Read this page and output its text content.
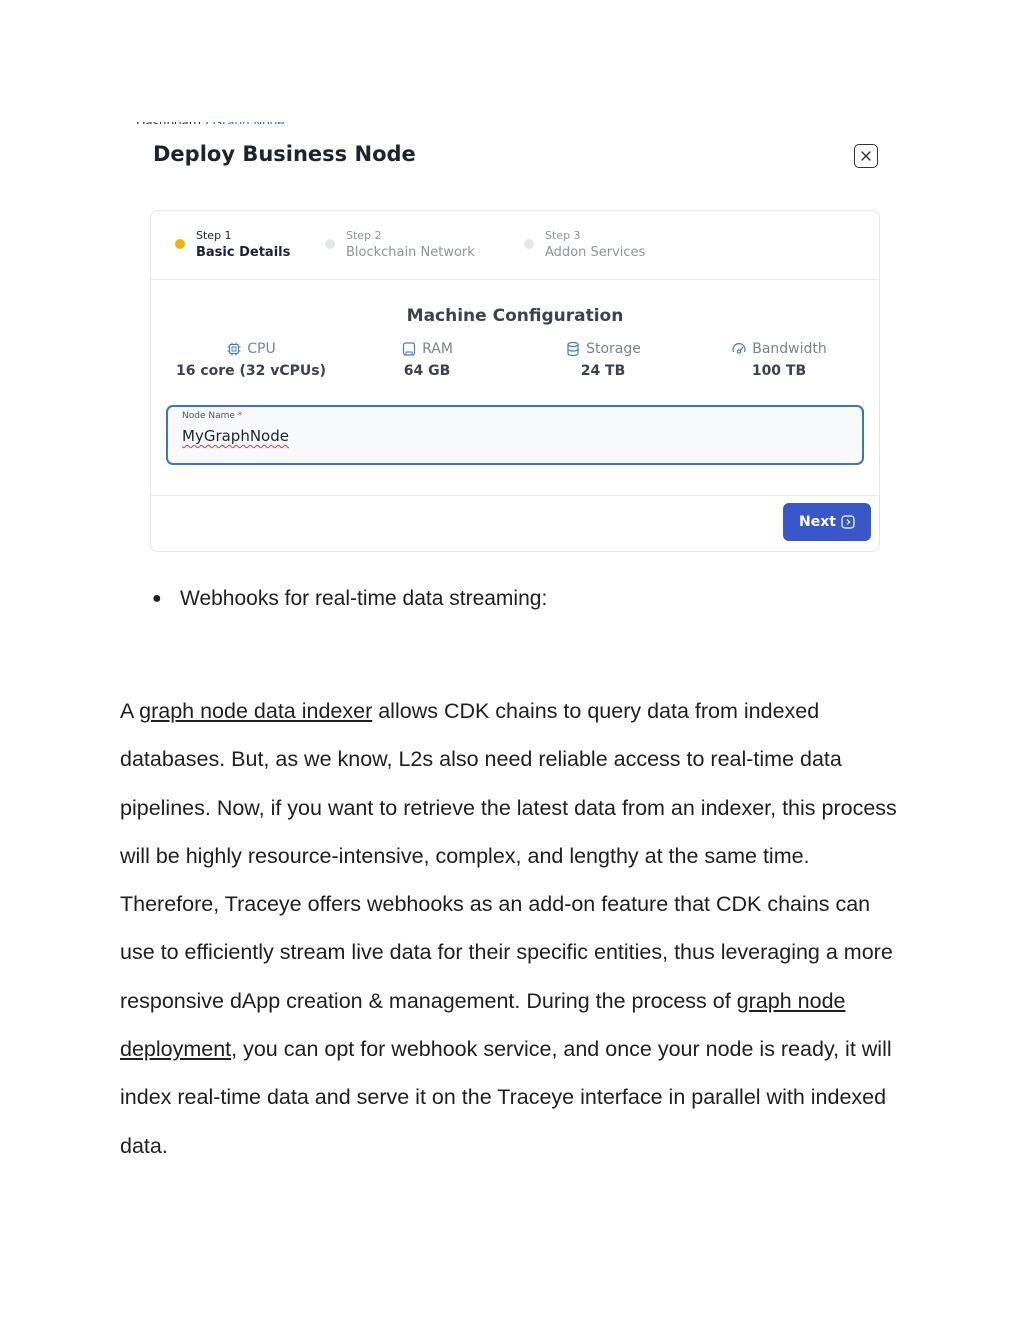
Deploy Business Node
Step 1
Basic Details
Step 2
Blockchain Network
Step 3
Addon Services
Machine Configuration
CPU
16 core (32 vCPUs)
RAM
64 GB
Storage
24 TB
Bandwidth
100 TB
Node Name *
MyGraphNode
Next
● Webhooks for real-time data streaming:
A graph node data indexer allows CDK chains to query data from indexed databases. But, as we know, L2s also need reliable access to real-time data pipelines. Now, if you want to retrieve the latest data from an indexer, this process will be highly resource-intensive, complex, and lengthy at the same time. Therefore, Traceye offers webhooks as an add-on feature that CDK chains can use to efficiently stream live data for their specific entities, thus leveraging a more responsive dApp creation & management. During the process of graph node deployment, you can opt for webhook service, and once your node is ready, it will index real-time data and serve it on the Traceye interface in parallel with indexed data.
